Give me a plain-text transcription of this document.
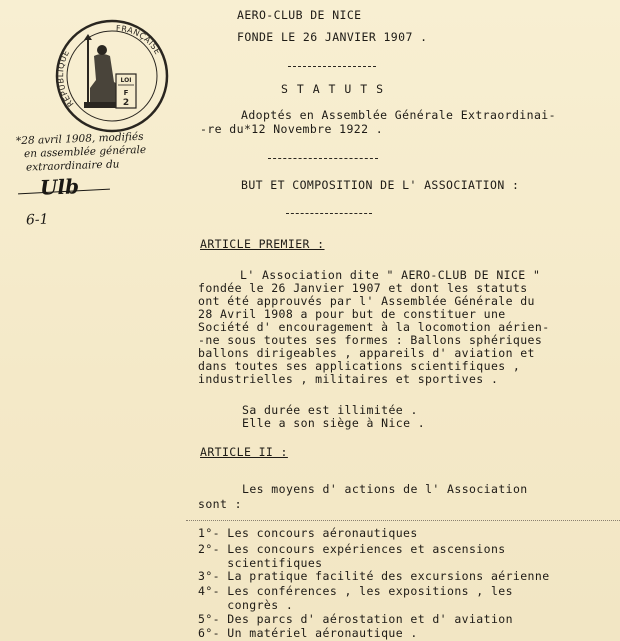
RÉPUBLIQUE
FRANÇAISE
LOI
F
2
AERO-CLUB DE NICE
FONDE LE 26 JANVIER 1907 .
S T A T U T S
Adoptés en Assemblée Générale Extraordinai-
-re du*12 Novembre 1922 .
BUT ET COMPOSITION DE L' ASSOCIATION :
*28 avril 1908, modifiés
en assemblée générale
extraordinaire du
Ulb
6-1
ARTICLE PREMIER :
L' Association dite " AERO-CLUB DE NICE "
fondée le 26 Janvier 1907 et dont les statuts
ont été approuvés par l' Assemblée Générale du
28 Avril 1908 a pour but de constituer une
Société d' encouragement à la locomotion aérien-
-ne sous toutes ses formes : Ballons sphériques
ballons dirigeables , appareils d' aviation et
dans toutes ses applications scientifiques ,
industrielles , militaires et sportives .
Sa durée est illimitée .
Elle a son siège à Nice .
ARTICLE II :
Les moyens d' actions de l' Association
sont :
1°- Les concours aéronautiques
2°- Les concours expériences et ascensions
scientifiques
3°- La pratique facilité des excursions aérienne
4°- Les conférences , les expositions , les
congrès .
5°- Des parcs d' aérostation et d' aviation
6°- Un matériel aéronautique .
